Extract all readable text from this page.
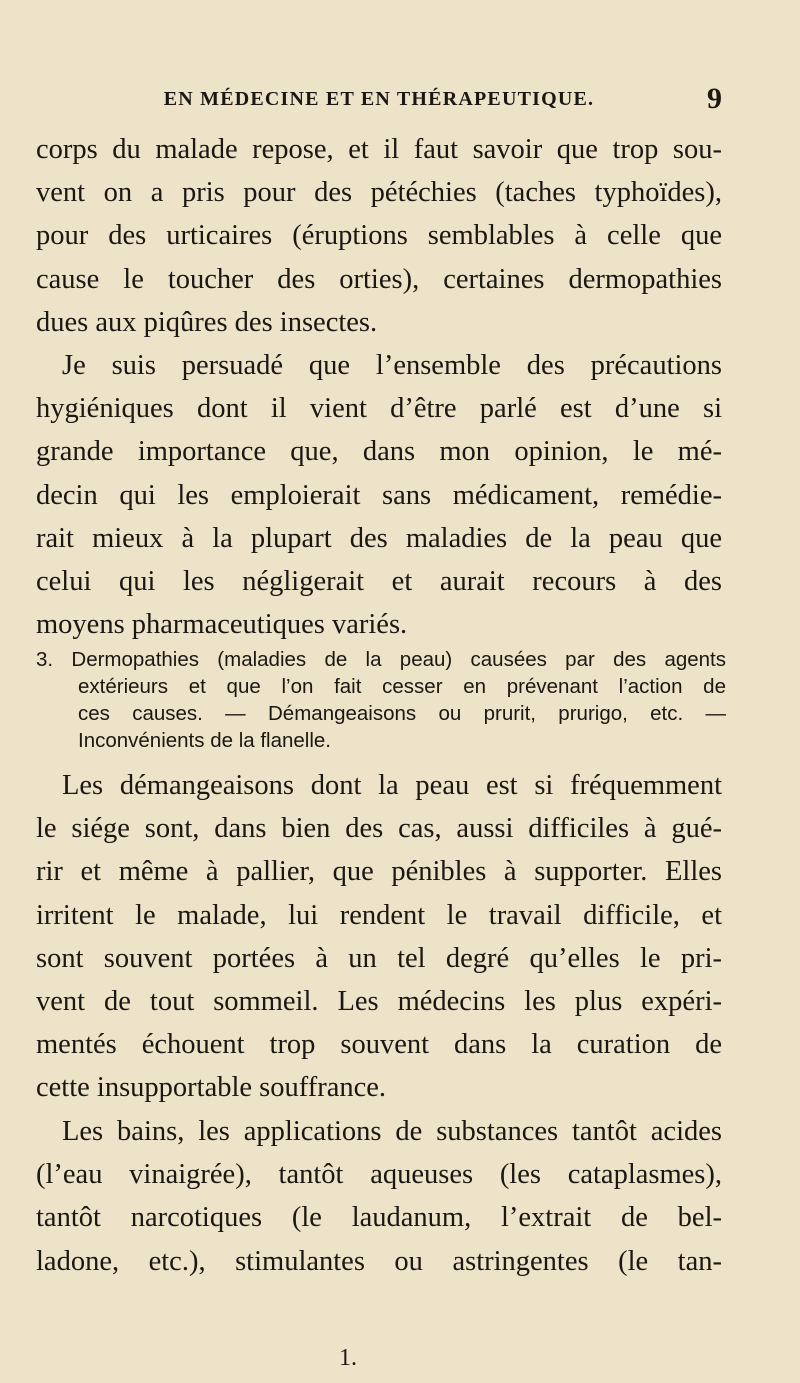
EN MÉDECINE ET EN THÉRAPEUTIQUE.	9
corps du malade repose, et il faut savoir que trop sou-
vent on a pris pour des pétéchies (taches typhoïdes),
pour des urticaires (éruptions semblables à celle que
cause le toucher des orties), certaines dermopathies
dues aux piqûres des insectes.
Je suis persuadé que l’ensemble des précautions
hygiéniques dont il vient d’être parlé est d’une si
grande importance que, dans mon opinion, le mé-
decin qui les emploierait sans médicament, remédie-
rait mieux à la plupart des maladies de la peau que
celui qui les négligerait et aurait recours à des
moyens pharmaceutiques variés.
3. Dermopathies (maladies de la peau) causées par des agents
extérieurs et que l’on fait cesser en prévenant l’action de
ces causes. — Démangeaisons ou prurit, prurigo, etc. —
Inconvénients de la flanelle.
Les démangeaisons dont la peau est si fréquemment
le siége sont, dans bien des cas, aussi difficiles à gué-
rir et même à pallier, que pénibles à supporter. Elles
irritent le malade, lui rendent le travail difficile, et
sont souvent portées à un tel degré qu’elles le pri-
vent de tout sommeil. Les médecins les plus expéri-
mentés échouent trop souvent dans la curation de
cette insupportable souffrance.
Les bains, les applications de substances tantôt acides
(l’eau vinaigrée), tantôt aqueuses (les cataplasmes),
tantôt narcotiques (le laudanum, l’extrait de bel-
ladone, etc.), stimulantes ou astringentes (le tan-
1.
